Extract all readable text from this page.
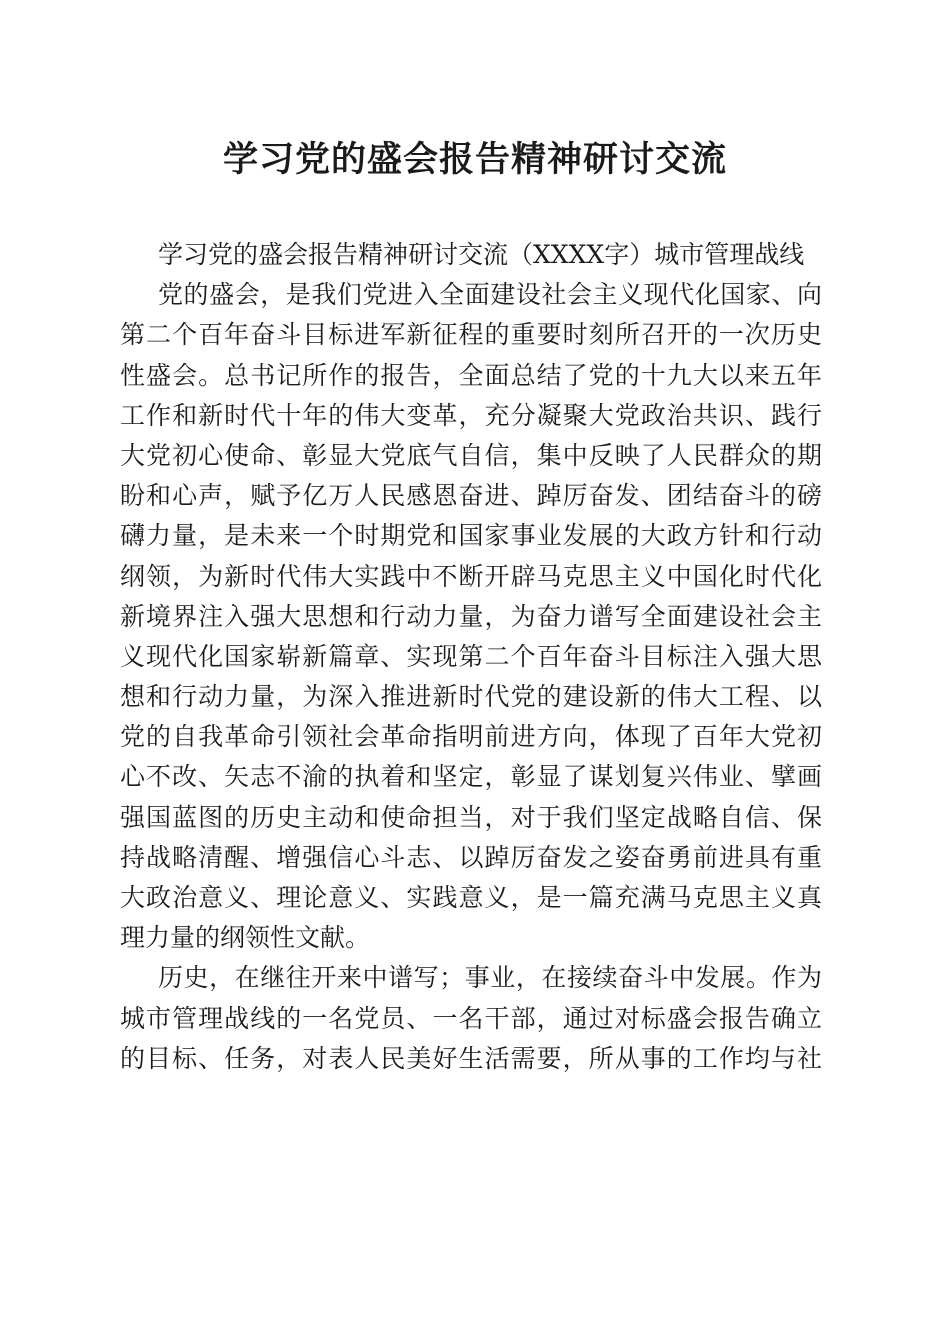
学习党的盛会报告精神研讨交流
学习党的盛会报告精神研讨交流（XXXX字）城市管理战线
党的盛会，是我们党进入全面建设社会主义现代化国家、向
第二个百年奋斗目标进军新征程的重要时刻所召开的一次历史
性盛会。总书记所作的报告，全面总结了党的十九大以来五年
工作和新时代十年的伟大变革，充分凝聚大党政治共识、践行
大党初心使命、彰显大党底气自信，集中反映了人民群众的期
盼和心声，赋予亿万人民感恩奋进、踔厉奋发、团结奋斗的磅
礴力量，是未来一个时期党和国家事业发展的大政方针和行动
纲领，为新时代伟大实践中不断开辟马克思主义中国化时代化
新境界注入强大思想和行动力量，为奋力谱写全面建设社会主
义现代化国家崭新篇章、实现第二个百年奋斗目标注入强大思
想和行动力量，为深入推进新时代党的建设新的伟大工程、以
党的自我革命引领社会革命指明前进方向，体现了百年大党初
心不改、矢志不渝的执着和坚定，彰显了谋划复兴伟业、擘画
强国蓝图的历史主动和使命担当，对于我们坚定战略自信、保
持战略清醒、增强信心斗志、以踔厉奋发之姿奋勇前进具有重
大政治意义、理论意义、实践意义，是一篇充满马克思主义真
理力量的纲领性文献。
历史，在继往开来中谱写；事业，在接续奋斗中发展。作为
城市管理战线的一名党员、一名干部，通过对标盛会报告确立
的目标、任务，对表人民美好生活需要，所从事的工作均与社
